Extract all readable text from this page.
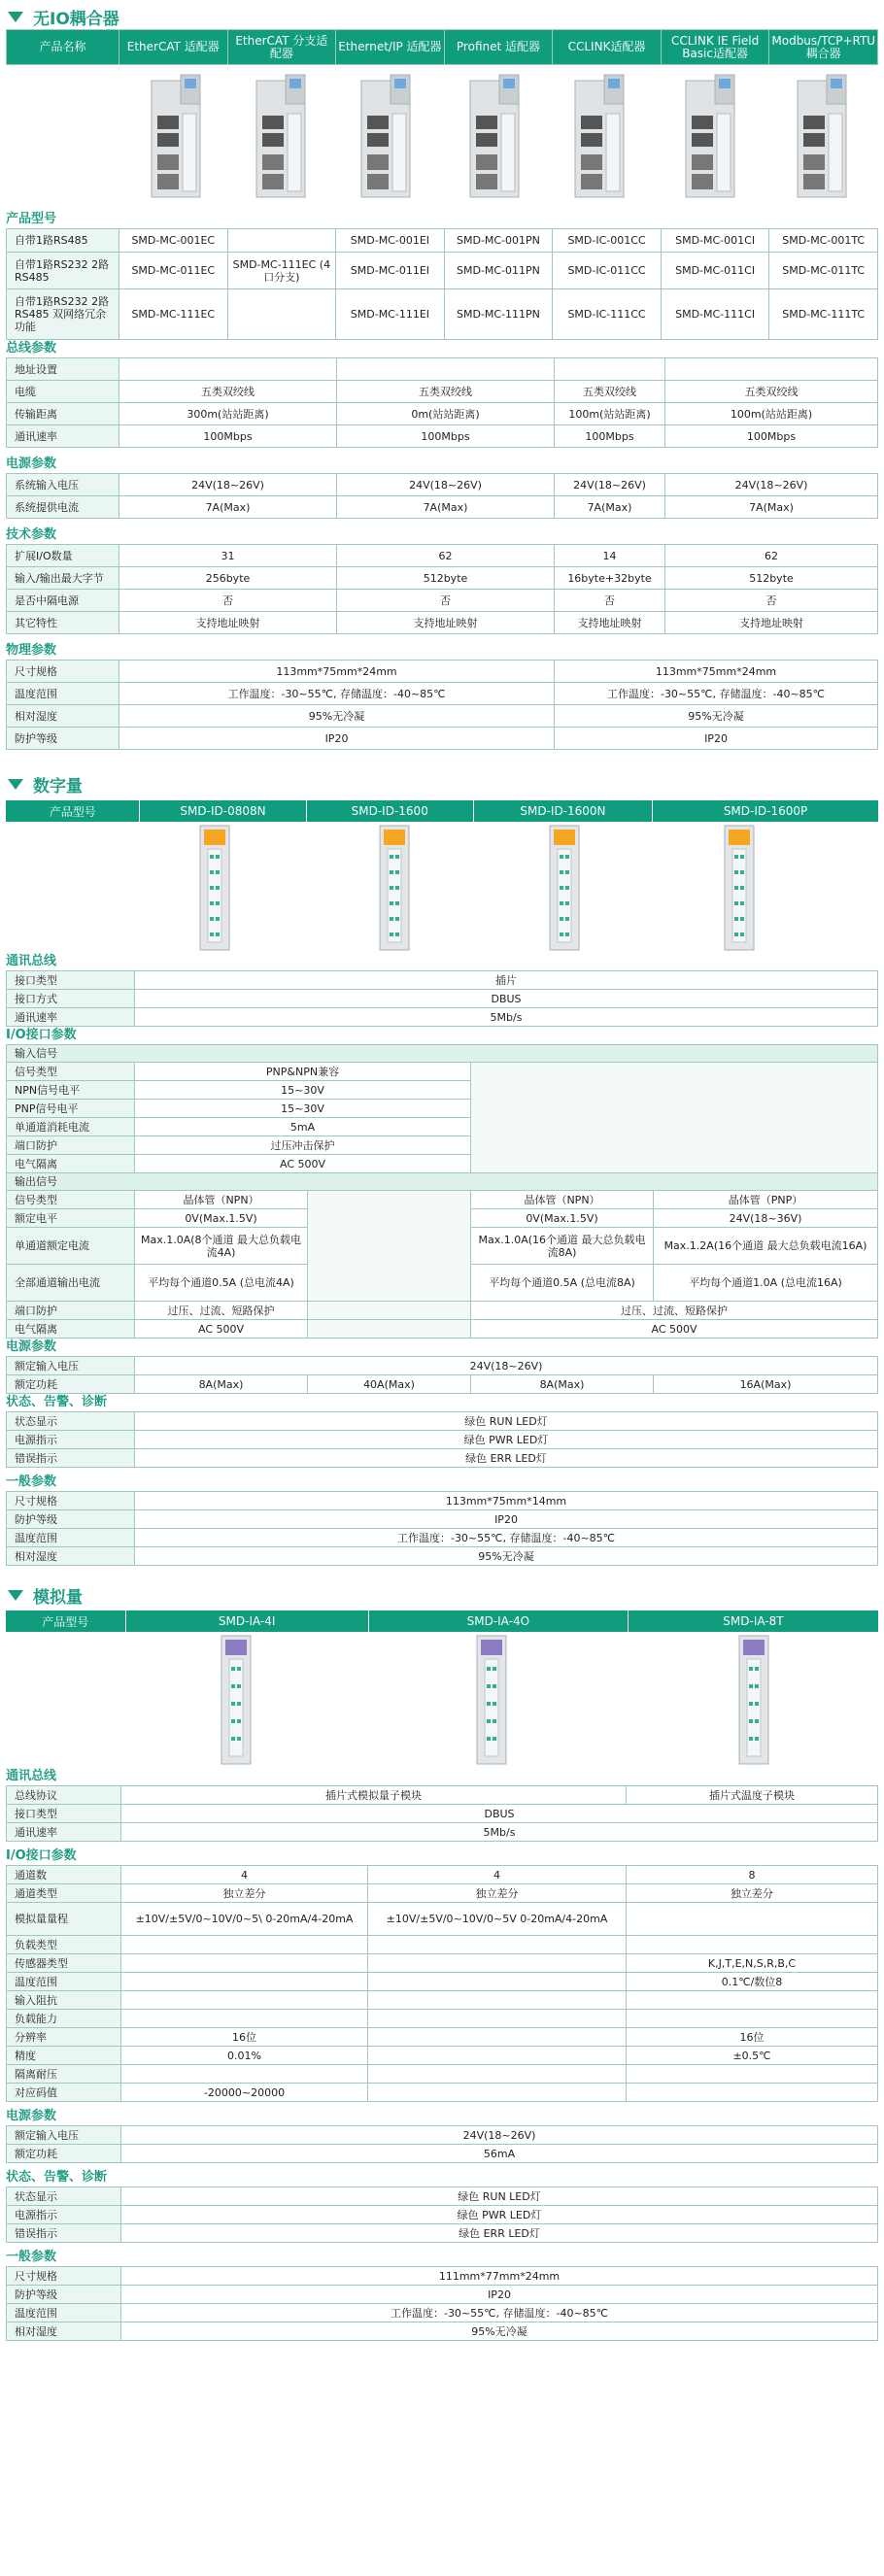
无IO耦合器
产品名称	EtherCAT 适配器	EtherCAT 分支适配器	Ethernet/IP 适配器	Profinet 适配器	CCLINK适配器	CCLINK IE Field Basic适配器	Modbus/TCP+RTU 耦合器
产品型号
自带1路RS485	SMD-MC-001EC		SMD-MC-001EI	SMD-MC-001PN	SMD-IC-001CC	SMD-MC-001CI	SMD-MC-001TC
自带1路RS232 2路RS485	SMD-MC-011EC	SMD-MC-111EC (4口分支)	SMD-MC-011EI	SMD-MC-011PN	SMD-IC-011CC	SMD-MC-011CI	SMD-MC-011TC
自带1路RS232 2路RS485 双网络冗余功能	SMD-MC-111EC		SMD-MC-111EI	SMD-MC-111PN	SMD-IC-111CC	SMD-MC-111CI	SMD-MC-111TC
总线参数
地址设置				
电缆	五类双绞线	五类双绞线	五类双绞线	五类双绞线
传输距离	300m(站站距离)	0m(站站距离)	100m(站站距离)	100m(站站距离)
通讯速率	100Mbps	100Mbps	100Mbps	100Mbps
电源参数
系统输入电压	24V(18~26V)	24V(18~26V)	24V(18~26V)	24V(18~26V)
系统提供电流	7A(Max)	7A(Max)	7A(Max)	7A(Max)
技术参数
扩展I/O数量	31	62	14	62
输入/输出最大字节	256byte	512byte	16byte+32byte	512byte
是否中隔电源	否	否	否	否
其它特性	支持地址映射	支持地址映射	支持地址映射	支持地址映射
物理参数
尺寸规格	113mm*75mm*24mm	113mm*75mm*24mm
温度范围	工作温度：-30~55℃, 存储温度：-40~85℃	工作温度：-30~55℃, 存储温度：-40~85℃
相对湿度	95%无冷凝	95%无冷凝
防护等级	IP20	IP20
数字量
产品型号	SMD-ID-0808N	SMD-ID-1600	SMD-ID-1600N	SMD-ID-1600P
通讯总线
接口类型	插片
接口方式	DBUS
通讯速率	5Mb/s
I/O接口参数
输入信号				
信号类型	PNP&NPN兼容			
NPN信号电平	15~30V			
PNP信号电平	15~30V			
单通道消耗电流	5mA			
端口防护	过压冲击保护			
电气隔离	AC 500V			
输出信号				
信号类型	晶体管（NPN）		晶体管（NPN）	晶体管（PNP）
额定电平	0V(Max.1.5V)		0V(Max.1.5V)	24V(18~36V)
单通道额定电流	Max.1.0A(8个通道 最大总负载电流4A)		Max.1.0A(16个通道 最大总负载电流8A)	Max.1.2A(16个通道 最大总负载电流16A)
全部通道输出电流	平均每个通道0.5A (总电流4A)		平均每个通道0.5A (总电流8A)	平均每个通道1.0A (总电流16A)
端口防护	过压、过流、短路保护		过压、过流、短路保护	
电气隔离	AC 500V		AC 500V	
电源参数
额定输入电压	24V(18~26V)			
额定功耗	8A(Max)	40A(Max)	8A(Max)	16A(Max)
状态、告警、诊断
状态显示	绿色 RUN LED灯
电源指示	绿色 PWR LED灯
错误指示	绿色 ERR LED灯
一般参数
尺寸规格	113mm*75mm*14mm
防护等级	IP20
温度范围	工作温度：-30~55℃, 存储温度：-40~85℃
相对湿度	95%无冷凝
模拟量
产品型号	SMD-IA-4I	SMD-IA-4O	SMD-IA-8T
通讯总线
总线协议	插片式模拟量子模块	插片式温度子模块
接口类型	DBUS	
通讯速率	5Mb/s	
I/O接口参数
通道数	4	4	8
通道类型	独立差分	独立差分	独立差分
模拟量量程	±10V/±5V/0~10V/0~5\ 0-20mA/4-20mA	±10V/±5V/0~10V/0~5V 0-20mA/4-20mA	
负载类型			
传感器类型			K,J,T,E,N,S,R,B,C
温度范围			0.1℃/数位8
输入阻抗			
负载能力			
分辨率	16位		16位
精度	0.01%		±0.5℃
隔离耐压			
对应码值	-20000~20000		
电源参数
额定输入电压	24V(18~26V)
额定功耗	56mA
状态、告警、诊断
状态显示	绿色 RUN LED灯
电源指示	绿色 PWR LED灯
错误指示	绿色 ERR LED灯
一般参数
尺寸规格	111mm*77mm*24mm
防护等级	IP20
温度范围	工作温度：-30~55℃, 存储温度：-40~85℃
相对湿度	95%无冷凝
